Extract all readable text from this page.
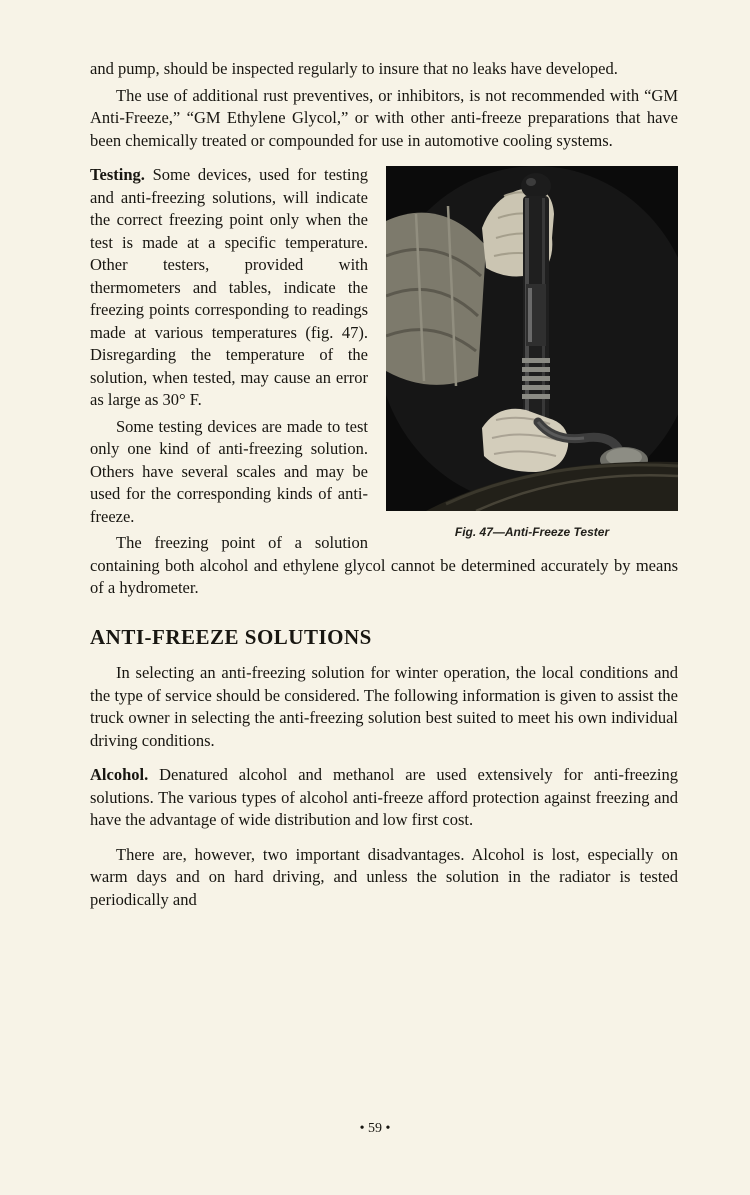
and pump, should be inspected regularly to insure that no leaks have developed.

The use of additional rust preventives, or inhibitors, is not recommended with “GM Anti-Freeze,” “GM Ethylene Glycol,” or with other anti-freeze preparations that have been chemically treated or compounded for use in automotive cooling systems.

Fig. 47—Anti-Freeze Tester

Testing. Some devices, used for testing and anti-freezing solutions, will indicate the correct freezing point only when the test is made at a specific temperature. Other testers, provided with thermometers and tables, indicate the freezing points corresponding to readings made at various temperatures (fig. 47). Disregarding the temperature of the solution, when tested, may cause an error as large as 30° F.

Some testing devices are made to test only one kind of anti-freezing solution. Others have several scales and may be used for the corresponding kinds of anti-freeze.

The freezing point of a solution containing both alcohol and ethylene glycol cannot be determined accurately by means of a hydrometer.

ANTI-FREEZE SOLUTIONS

In selecting an anti-freezing solution for winter operation, the local conditions and the type of service should be considered. The following information is given to assist the truck owner in selecting the anti-freezing solution best suited to meet his own individual driving conditions.

Alcohol. Denatured alcohol and methanol are used extensively for anti-freezing solutions. The various types of alcohol anti-freeze afford protection against freezing and have the advantage of wide distribution and low first cost.

There are, however, two important disadvantages. Alcohol is lost, especially on warm days and on hard driving, and unless the solution in the radiator is tested periodically and

• 59 •
